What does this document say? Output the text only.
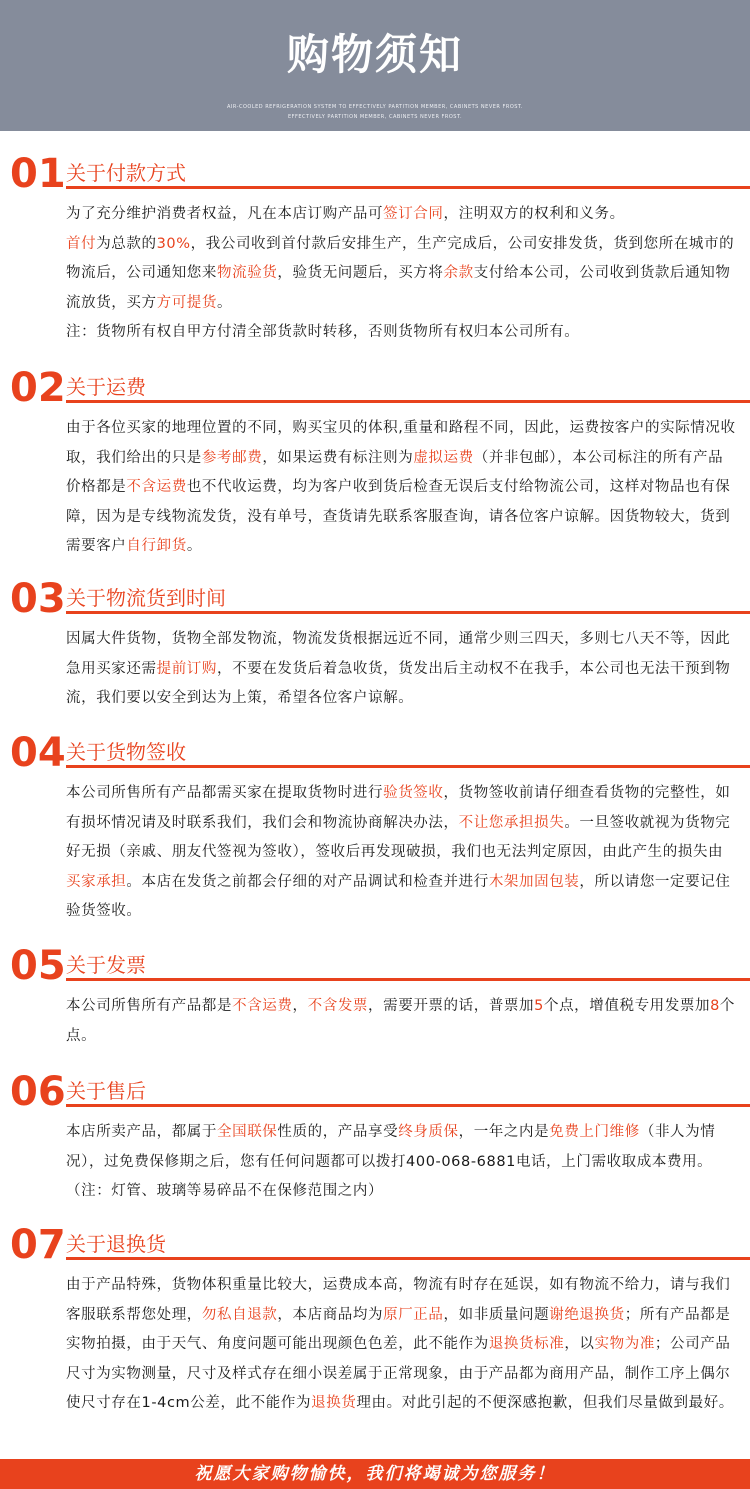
购物须知
AIR-COOLED REFRIGERATION SYSTEM TO EFFECTIVELY PARTITION MEMBER, CABINETS NEVER FROST.
EFFECTIVELY PARTITION MEMBER, CABINETS NEVER FROST.
01 关于付款方式
为了充分维护消费者权益，凡在本店订购产品可签订合同，注明双方的权利和义务。
首付为总款的30%，我公司收到首付款后安排生产，生产完成后，公司安排发货，货到您所在城市的物流后，公司通知您来物流验货，验货无问题后，买方将余款支付给本公司，公司收到货款后通知物流放货，买方方可提货。
注：货物所有权自甲方付清全部货款时转移，否则货物所有权归本公司所有。
02 关于运费
由于各位买家的地理位置的不同，购买宝贝的体积,重量和路程不同，因此，运费按客户的实际情况收取，我们给出的只是参考邮费，如果运费有标注则为虚拟运费（并非包邮），本公司标注的所有产品价格都是不含运费也不代收运费，均为客户收到货后检查无误后支付给物流公司，这样对物品也有保障，因为是专线物流发货，没有单号，查货请先联系客服查询，请各位客户谅解。因货物较大，货到需要客户自行卸货。
03 关于物流货到时间
因属大件货物，货物全部发物流，物流发货根据远近不同，通常少则三四天，多则七八天不等，因此急用买家还需提前订购，不要在发货后着急收货，货发出后主动权不在我手，本公司也无法干预到物流，我们要以安全到达为上策，希望各位客户谅解。
04 关于货物签收
本公司所售所有产品都需买家在提取货物时进行验货签收，货物签收前请仔细查看货物的完整性，如有损坏情况请及时联系我们，我们会和物流协商解决办法，不让您承担损失。一旦签收就视为货物完好无损（亲戚、朋友代签视为签收），签收后再发现破损，我们也无法判定原因，由此产生的损失由买家承担。本店在发货之前都会仔细的对产品调试和检查并进行木架加固包装，所以请您一定要记住验货签收。
05 关于发票
本公司所售所有产品都是不含运费，不含发票，需要开票的话，普票加5个点，增值税专用发票加8个点。
06 关于售后
本店所卖产品，都属于全国联保性质的，产品享受终身质保，一年之内是免费上门维修（非人为情况），过免费保修期之后，您有任何问题都可以拨打400-068-6881电话，上门需收取成本费用。（注：灯管、玻璃等易碎品不在保修范围之内）
07 关于退换货
由于产品特殊，货物体积重量比较大，运费成本高，物流有时存在延误，如有物流不给力，请与我们客服联系帮您处理，勿私自退款，本店商品均为原厂正品，如非质量问题谢绝退换货；所有产品都是实物拍摄，由于天气、角度问题可能出现颜色色差，此不能作为退换货标准，以实物为准；公司产品尺寸为实物测量，尺寸及样式存在细小误差属于正常现象，由于产品都为商用产品，制作工序上偶尔使尺寸存在1-4cm公差，此不能作为退换货理由。对此引起的不便深感抱歉，但我们尽量做到最好。
祝愿大家购物愉快，我们将竭诚为您服务！
